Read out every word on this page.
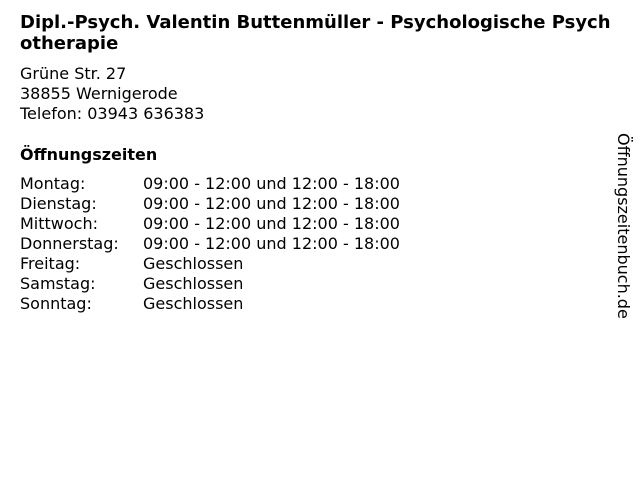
Dipl.-Psych. Valentin Buttenmüller - Psychologische Psychotherapie
Grüne Str. 27
38855 Wernigerode
Telefon: 03943 636383
Öffnungszeiten
Montag:	09:00 - 12:00 und 12:00 - 18:00
Dienstag:	09:00 - 12:00 und 12:00 - 18:00
Mittwoch:	09:00 - 12:00 und 12:00 - 18:00
Donnerstag:	09:00 - 12:00 und 12:00 - 18:00
Freitag:	Geschlossen
Samstag:	Geschlossen
Sonntag:	Geschlossen	Öffnungszeitenbuch.de
